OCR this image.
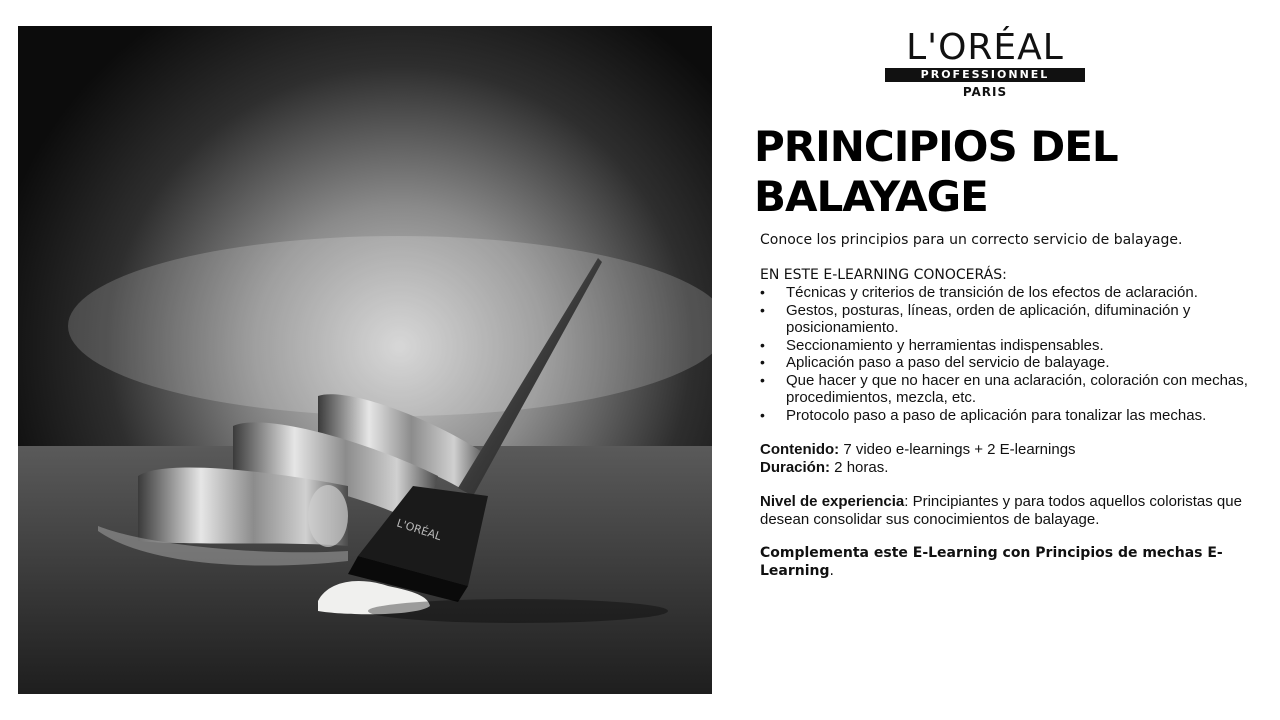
L'ORÉAL
L'ORÉAL
PROFESSIONNEL
PARIS
PRINCIPIOS DEL
BALAYAGE

Conoce los principios para un correcto servicio de balayage.

EN ESTE E-LEARNING CONOCERÁS:

• Técnicas y criterios de transición de los efectos de aclaración.
• Gestos, posturas, líneas, orden de aplicación, difuminación y posicionamiento.
• Seccionamiento y herramientas indispensables.
• Aplicación paso a paso del servicio de balayage.
• Que hacer y que no hacer en una aclaración, coloración con mechas, procedimientos, mezcla, etc.
• Protocolo paso a paso de aplicación para tonalizar las mechas.

Contenido: 7 video e-learnings + 2 E-learnings

Duración: 2 horas.

Nivel de experiencia: Principiantes y para todos aquellos coloristas que desean consolidar sus conocimientos de balayage.

Complementa este E-Learning con Principios de mechas E-Learning.
